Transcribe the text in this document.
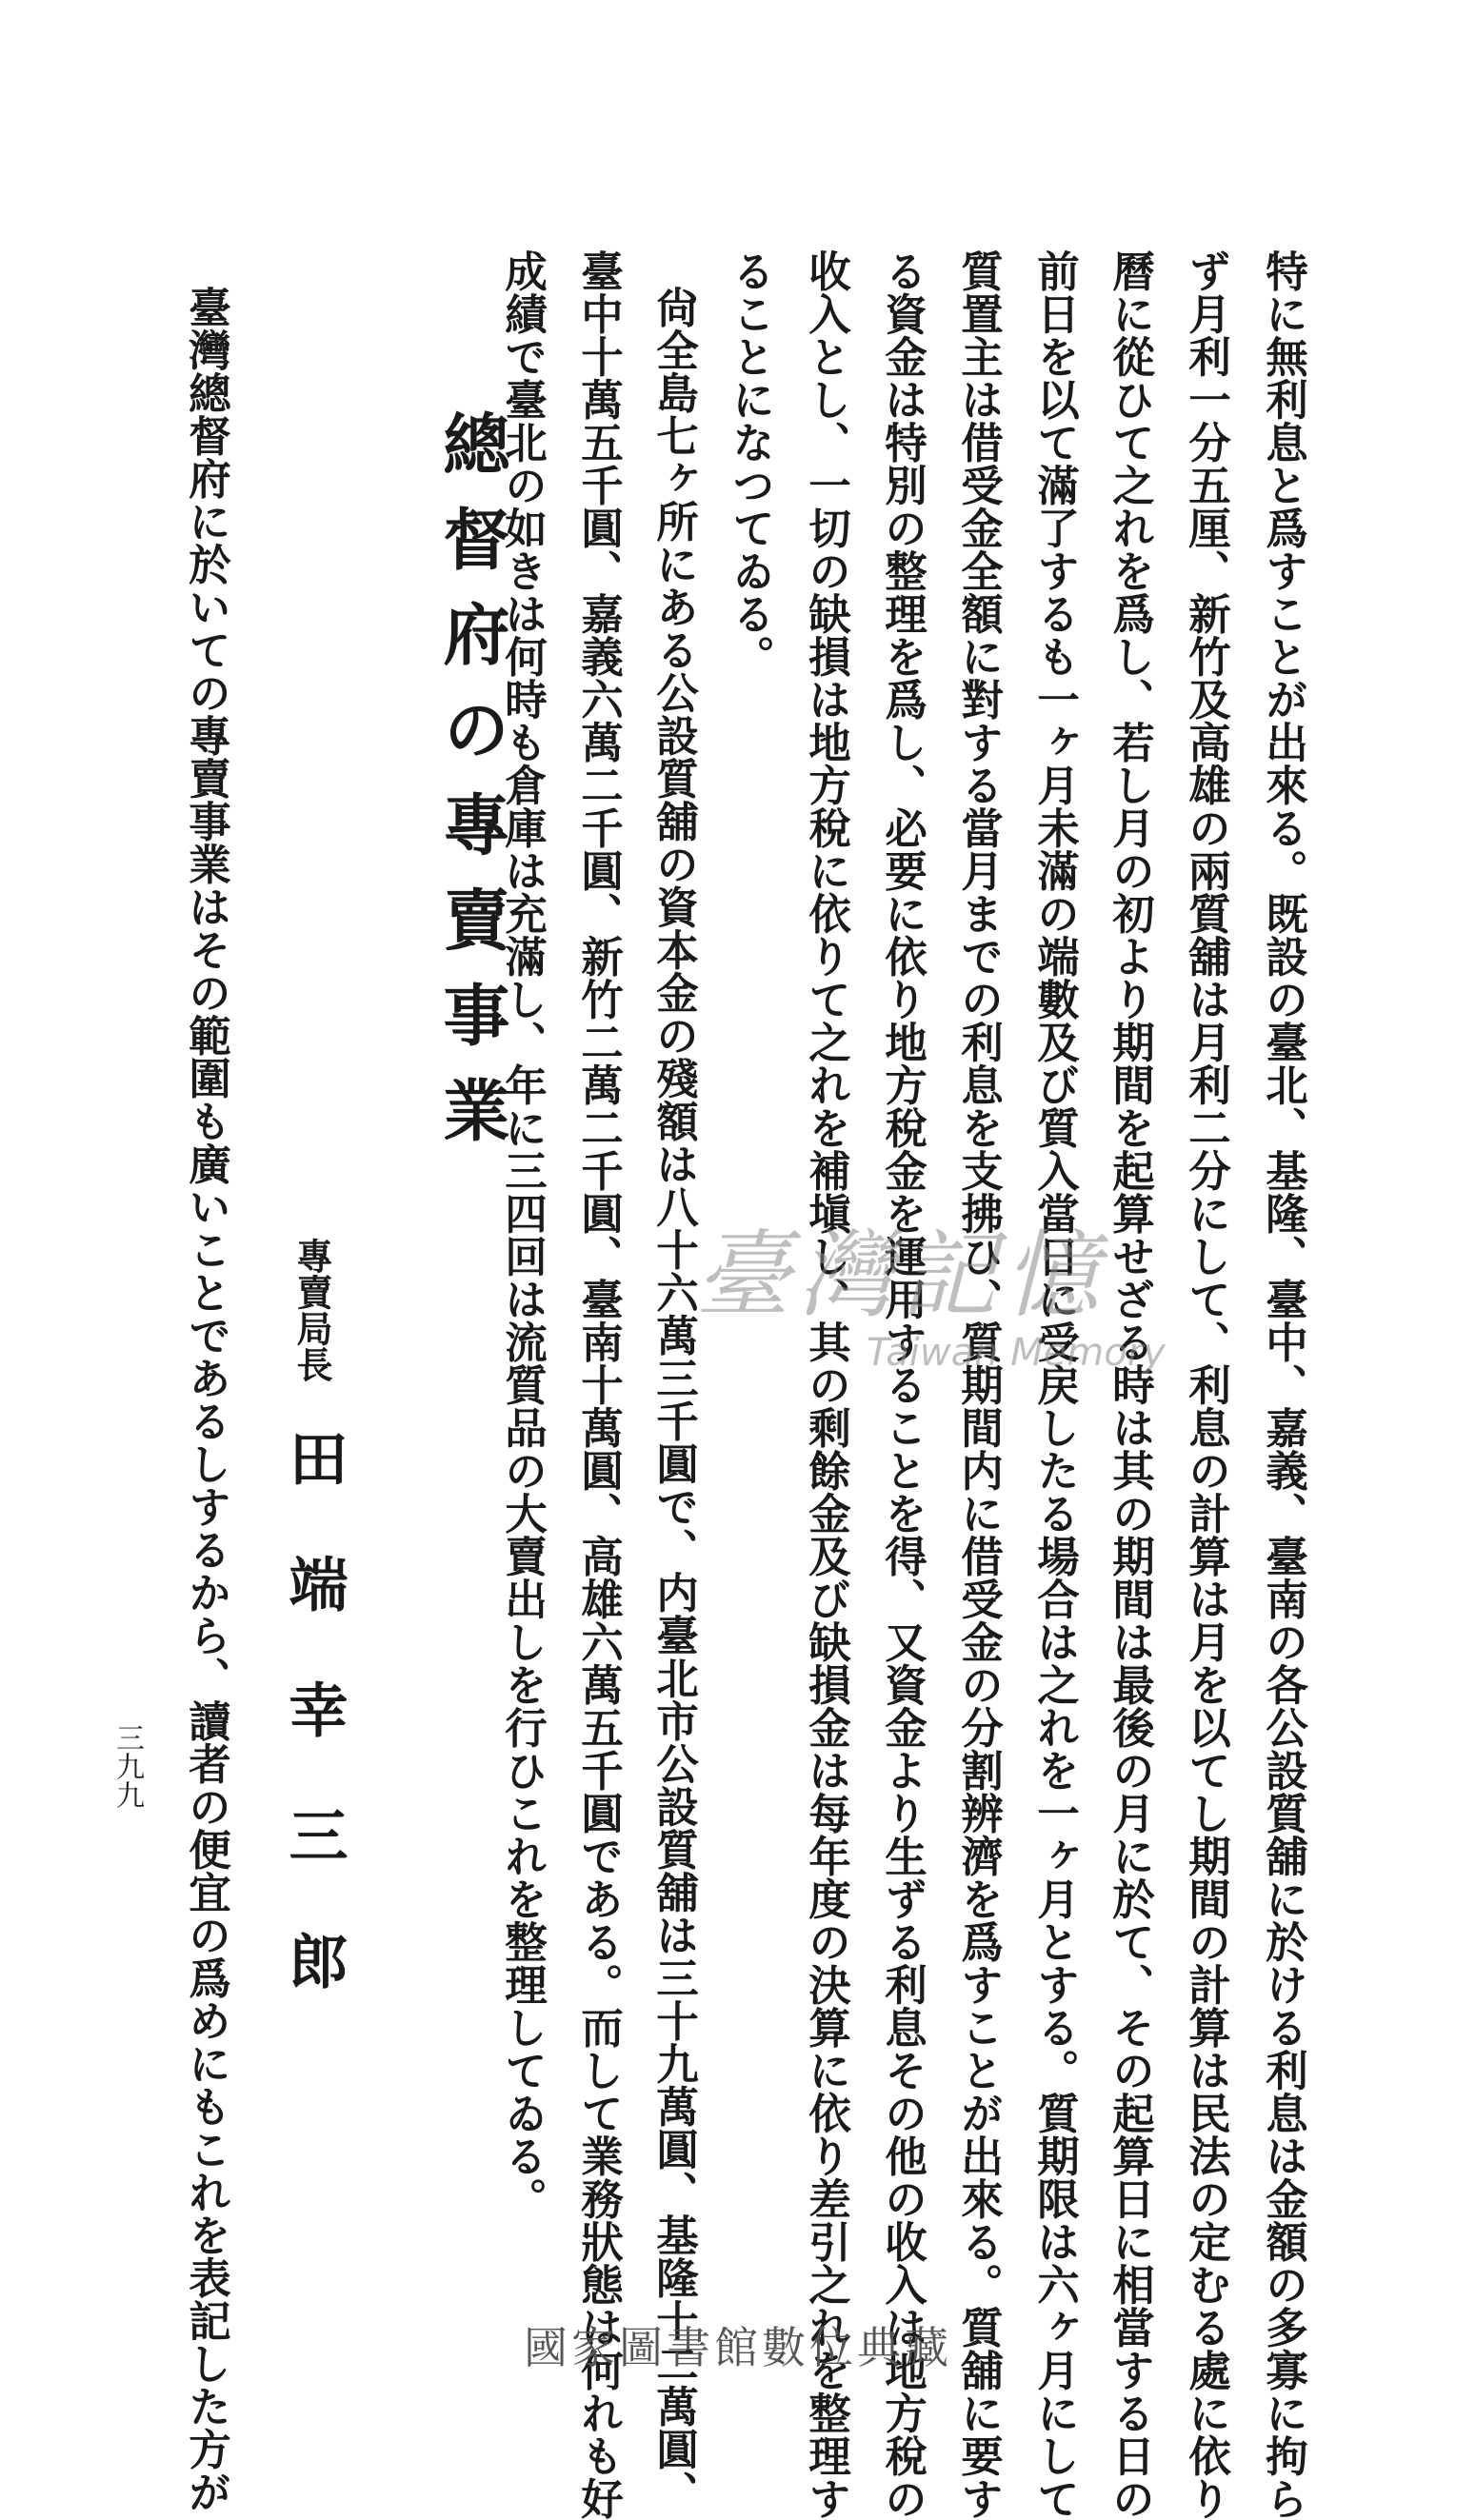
特に無利息と爲すことが出來る。既設の臺北、基隆、臺中、嘉義、臺南の各公設質舖に於ける利息は金額の多寡に拘ら
ず月利一分五厘、新竹及高雄の兩質舖は月利二分にして、利息の計算は月を以てし期間の計算は民法の定むる處に依り
曆に從ひて之れを爲し、若し月の初より期間を起算せざる時は其の期間は最後の月に於て、その起算日に相當する日の
前日を以て滿了するも一ヶ月未滿の端數及び質入當日に受戻したる場合は之れを一ヶ月とする。質期限は六ヶ月にして
質置主は借受金全額に對する當月までの利息を支拂ひ、質期間内に借受金の分割辨濟を爲すことが出來る。質舖に要す
る資金は特別の整理を爲し、必要に依り地方稅金を運用することを得、又資金より生ずる利息その他の收入は地方稅の
收入とし、一切の缺損は地方稅に依りて之れを補塡し、其の剩餘金及び缺損金は每年度の決算に依り差引之れを整理す
ることになつてゐる。
尙全島七ヶ所にある公設質舖の資本金の殘額は八十六萬三千圓で、内臺北市公設質舖は三十九萬圓、基隆十二萬圓、
臺中十萬五千圓、嘉義六萬二千圓、新竹二萬二千圓、臺南十萬圓、高雄六萬五千圓である。而して業務狀態は何れも好
成績で臺北の如きは何時も倉庫は充滿し、年に三四回は流質品の大賣出しを行ひこれを整理してゐる。
總督府の專賣事業
專賣局長
田端幸三郎
臺灣總督府に於いての專賣事業はその範圍も廣いことであるしするから、讀者の便宜の爲めにもこれを表記した方が
三九九
臺灣記憶
Taiwan Memory
國家圖書館數位典藏
